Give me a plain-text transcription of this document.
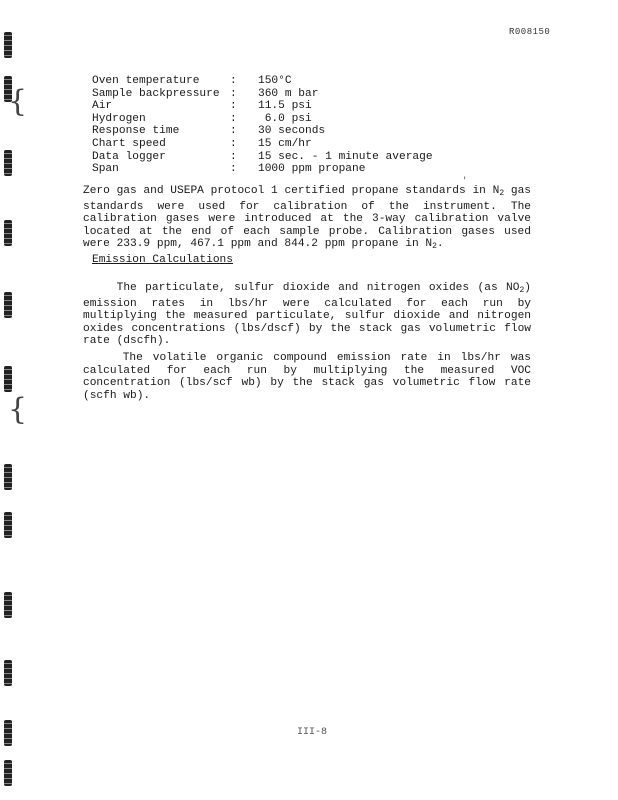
{
{
R008150
Oven temperature	:	150°C
Sample backpressure :	360 m bar
Air	:	11.5 psi
Hydrogen	:	6.0 psi
Response time	:	30 seconds
Chart speed	:	15 cm/hr
Data logger	:	15 sec. - 1 minute average
Span	:	1000 ppm propane
'
Zero gas and USEPA protocol 1 certified propane standards in $N_2$ gas standards were used for calibration of the instrument. The calibration gases were introduced at the 3-way calibration valve located at the end of each sample probe. Calibration gases used were 233.9 ppm, 467.1 ppm and 844.2 ppm propane in $N_2$.
Emission Calculations
The particulate, sulfur dioxide and nitrogen oxides (as $NO_2$) emission rates in lbs/hr were calculated for each run by multiplying the measured particulate, sulfur dioxide and nitrogen oxides concentrations (lbs/dscf) by the stack gas volumetric flow rate (dscfh).
The volatile organic compound emission rate in lbs/hr was calculated for each run by multiplying the measured VOC concentration (lbs/scf wb) by the stack gas volumetric flow rate (scfh wb).
III-8
